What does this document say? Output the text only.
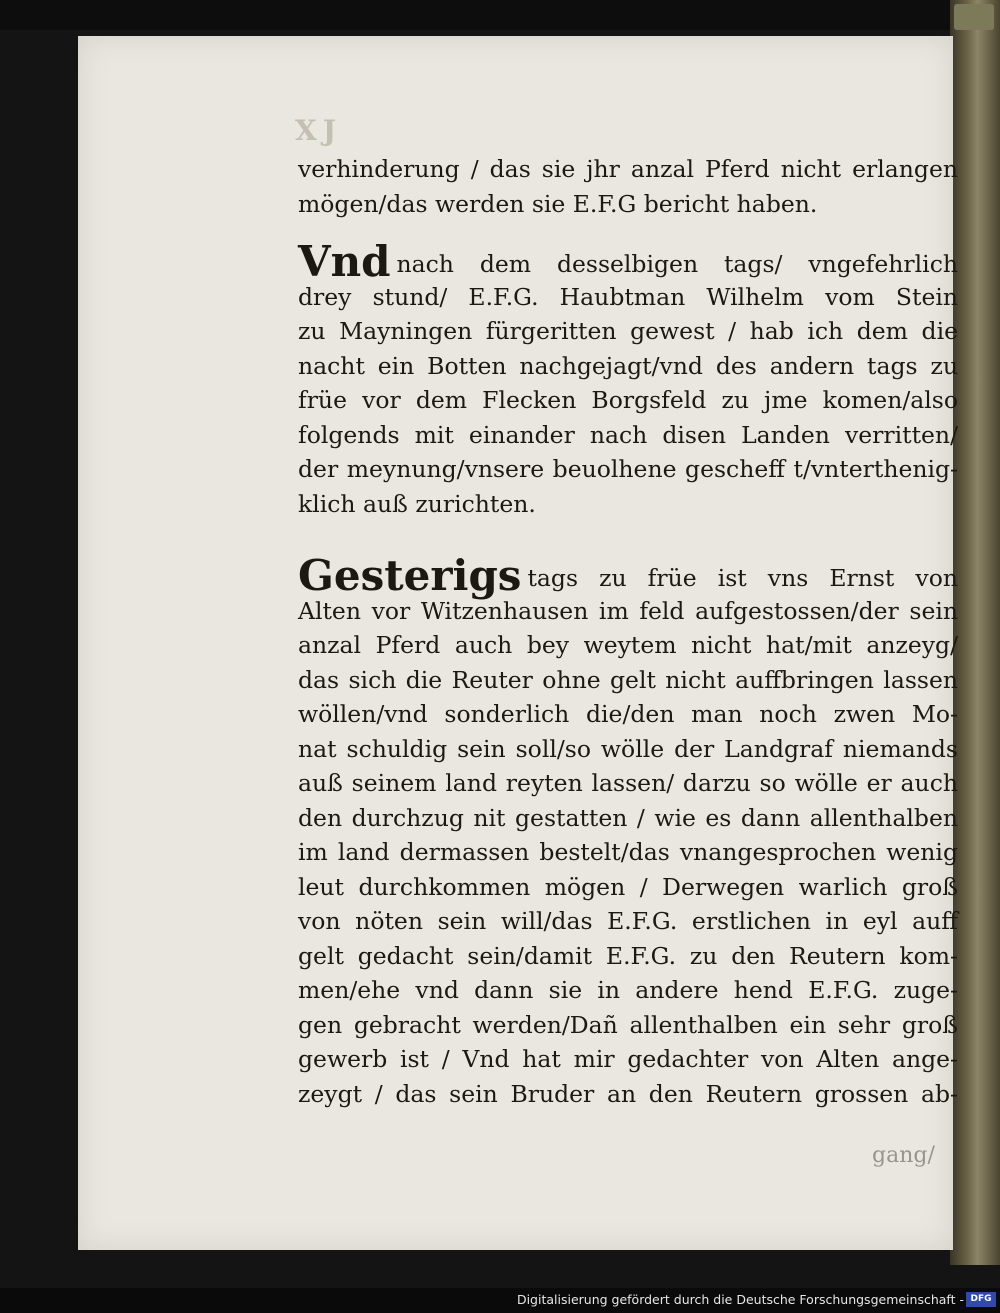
XJ
verhinderung / das sie jhr anzal Pferd nicht erlangen
mögen/das werden sie E.F.G bericht haben.
Vnd nach dem desselbigen tags/ vngefehrlich
drey stund/ E.F.G. Haubtman Wilhelm vom Stein
zu Mayningen fürgeritten gewest / hab ich dem die
nacht ein Botten nachgejagt/vnd des andern tags zu
früe vor dem Flecken Borgsfeld zu jme komen/also
folgends mit einander nach disen Landen verritten/
der meynung/vnsere beuolhene gescheff t/vnterthenig-
klich auß zurichten.
Gesterigs tags zu früe ist vns Ernst von
Alten vor Witzenhausen im feld aufgestossen/der sein
anzal Pferd auch bey weytem nicht hat/mit anzeyg/
das sich die Reuter ohne gelt nicht auffbringen lassen
wöllen/vnd sonderlich die/den man noch zwen Mo-
nat schuldig sein soll/so wölle der Landgraf niemands
auß seinem land reyten lassen/ darzu so wölle er auch
den durchzug nit gestatten / wie es dann allenthalben
im land dermassen bestelt/das vnangesprochen wenig
leut durchkommen mögen / Derwegen warlich groß
von nöten sein will/das E.F.G. erstlichen in eyl auff
gelt gedacht sein/damit E.F.G. zu den Reutern kom-
men/ehe vnd dann sie in andere hend E.F.G. zuge-
gen gebracht werden/Dañ allenthalben ein sehr groß
gewerb ist / Vnd hat mir gedachter von Alten ange-
zeygt / das sein Bruder an den Reutern grossen ab-
gang/
Digitalisierung gefördert durch die Deutsche Forschungsgemeinschaft - DFG
